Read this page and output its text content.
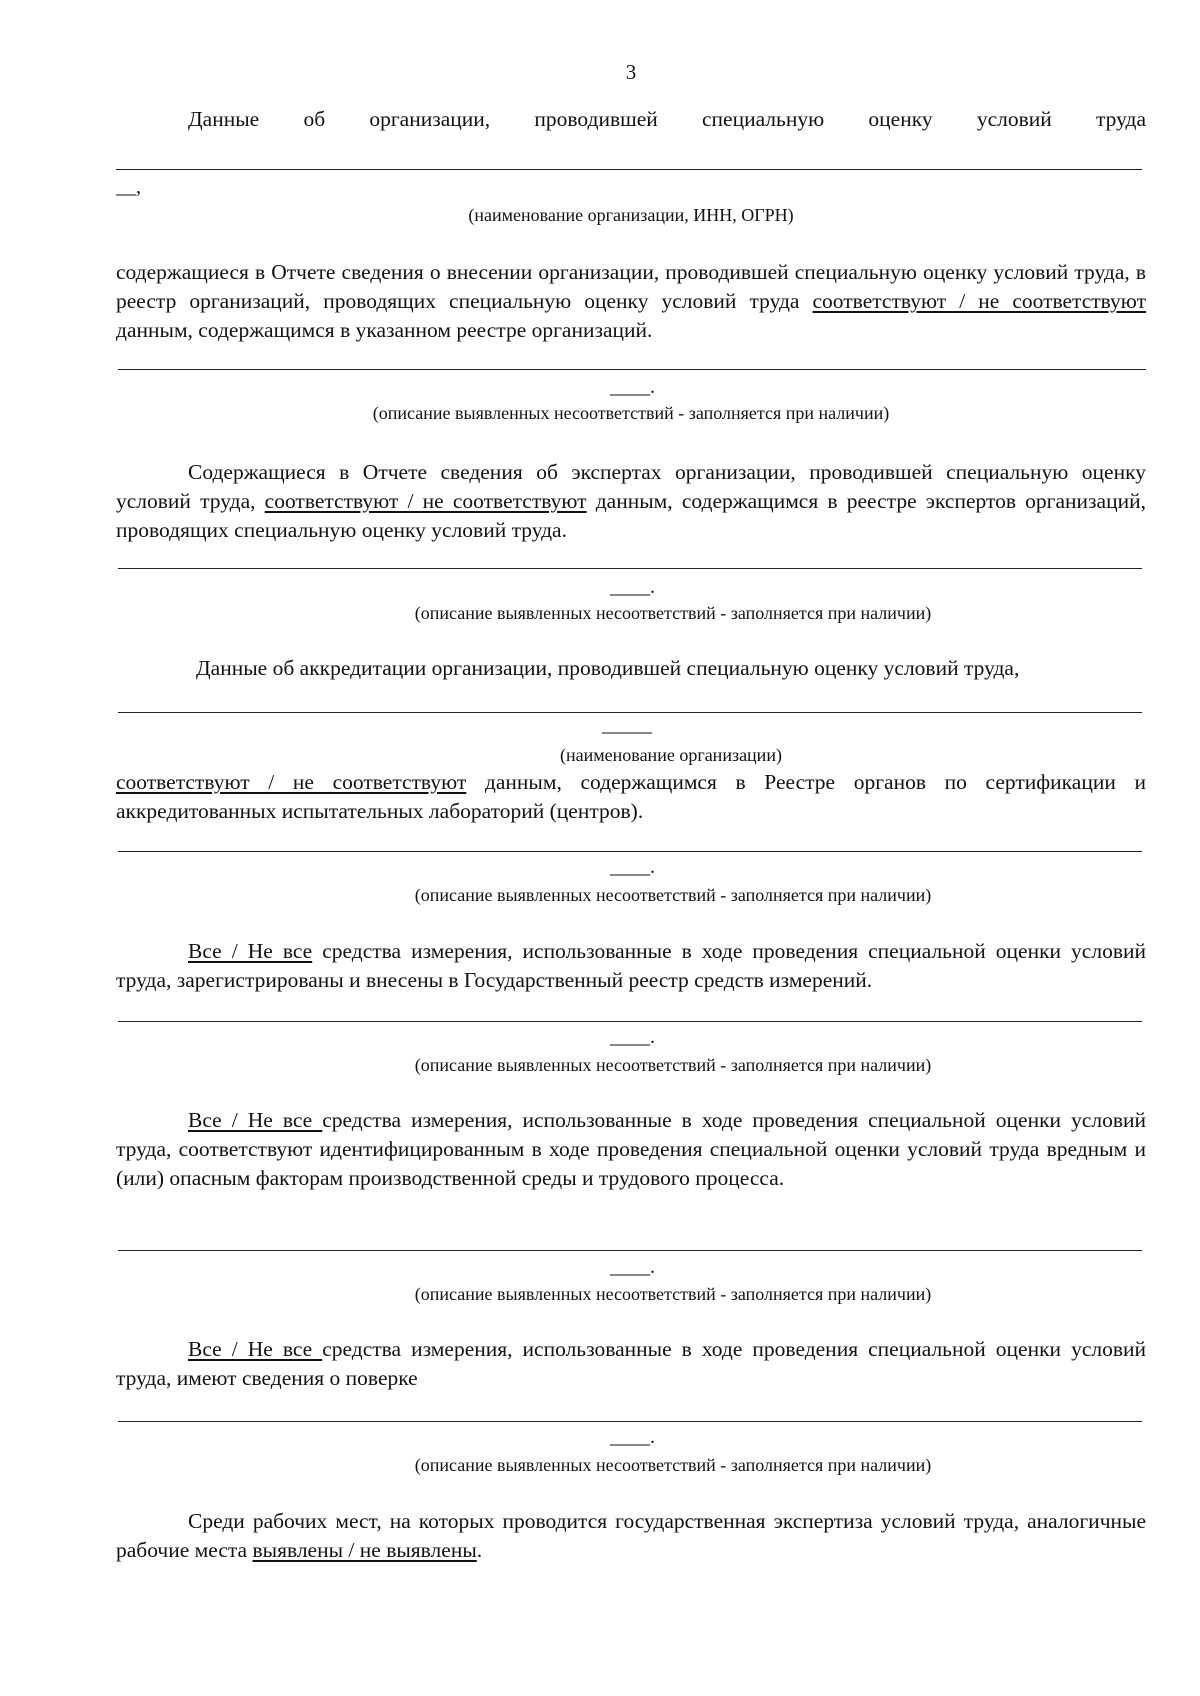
3
Данные об организации, проводившей специальную оценку условий труда
__,
(наименование организации, ИНН, ОГРН)
содержащиеся в Отчете сведения о внесении организации, проводившей специальную оценку условий труда, в реестр организаций, проводящих специальную оценку условий труда соответствуют / не соответствуют данным, содержащимся в указанном реестре организаций.
____.
(описание выявленных несоответствий - заполняется при наличии)
Содержащиеся в Отчете сведения об экспертах организации, проводившей специальную оценку условий труда, соответствуют / не соответствуют данным, содержащимся в реестре экспертов организаций, проводящих специальную оценку условий труда.
____.
(описание выявленных несоответствий - заполняется при наличии)
Данные об аккредитации организации, проводившей специальную оценку условий труда,
_____
(наименование организации)
соответствуют / не соответствуют данным, содержащимся в Реестре органов по сертификации и аккредитованных испытательных лабораторий (центров).
____.
(описание выявленных несоответствий - заполняется при наличии)
Все / Не все средства измерения, использованные в ходе проведения специальной оценки условий труда, зарегистрированы и внесены в Государственный реестр средств измерений.
____.
(описание выявленных несоответствий - заполняется при наличии)
Все / Не все средства измерения, использованные в ходе проведения специальной оценки условий труда, соответствуют идентифицированным в ходе проведения специальной оценки условий труда вредным и (или) опасным факторам производственной среды и трудового процесса.
____.
(описание выявленных несоответствий - заполняется при наличии)
Все / Не все средства измерения, использованные в ходе проведения специальной оценки условий труда, имеют сведения о поверке
____.
(описание выявленных несоответствий - заполняется при наличии)
Среди рабочих мест, на которых проводится государственная экспертиза условий труда, аналогичные рабочие места выявлены / не выявлены.
